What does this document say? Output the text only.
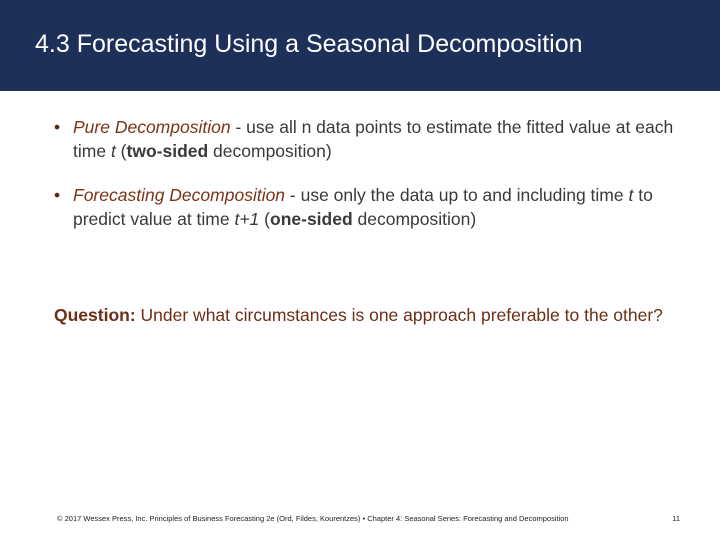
4.3 Forecasting Using a Seasonal Decomposition
• Pure Decomposition - use all n data points to estimate the fitted value at each time t (two-sided decomposition)
• Forecasting Decomposition - use only the data up to and including time t to predict value at time t+1 (one-sided decomposition)

Question: Under what circumstances is one approach preferable to the other?

© 2017 Wessex Press, Inc. Principles of Business Forecasting 2e (Ord, Fildes, Kourentzes) • Chapter 4: Seasonal Series: Forecasting and Decomposition	11
